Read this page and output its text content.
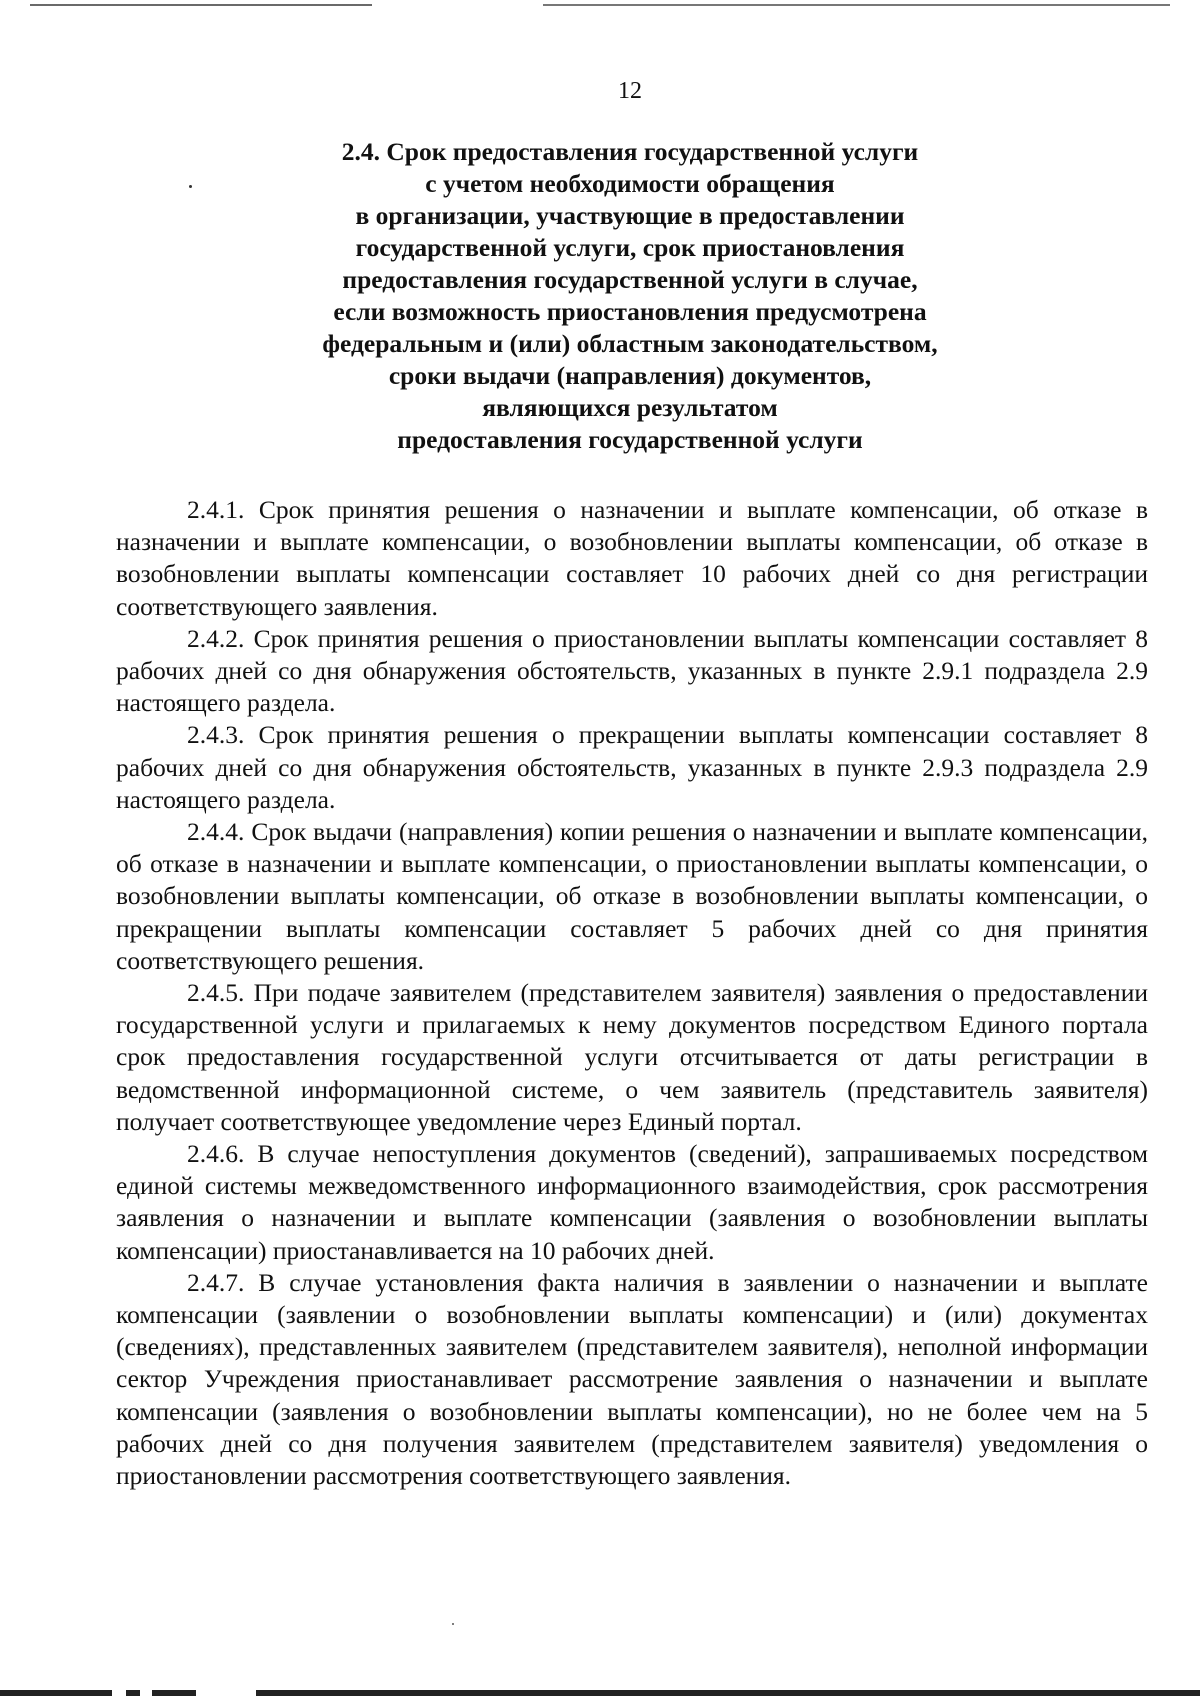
12
2.4. Срок предоставления государственной услуги
с учетом необходимости обращения
в организации, участвующие в предоставлении
государственной услуги, срок приостановления
предоставления государственной услуги в случае,
если возможность приостановления предусмотрена
федеральным и (или) областным законодательством,
сроки выдачи (направления) документов,
являющихся результатом
предоставления государственной услуги

2.4.1. Срок принятия решения о назначении и выплате компенсации, об отказе в назначении и выплате компенсации, о возобновлении выплаты компенсации, об отказе в возобновлении выплаты компенсации составляет 10 рабочих дней со дня регистрации соответствующего заявления.

2.4.2. Срок принятия решения о приостановлении выплаты компенсации составляет 8 рабочих дней со дня обнаружения обстоятельств, указанных в пункте 2.9.1 подраздела 2.9 настоящего раздела.

2.4.3. Срок принятия решения о прекращении выплаты компенсации составляет 8 рабочих дней со дня обнаружения обстоятельств, указанных в пункте 2.9.3 подраздела 2.9 настоящего раздела.

2.4.4. Срок выдачи (направления) копии решения о назначении и выплате компенсации, об отказе в назначении и выплате компенсации, о приостановлении выплаты компенсации, о возобновлении выплаты компенсации, об отказе в возобновлении выплаты компенсации, о прекращении выплаты компенсации составляет 5 рабочих дней со дня принятия соответствующего решения.

2.4.5. При подаче заявителем (представителем заявителя) заявления о предоставлении государственной услуги и прилагаемых к нему документов посредством Единого портала срок предоставления государственной услуги отсчитывается от даты регистрации в ведомственной информационной системе, о чем заявитель (представитель заявителя) получает соответствующее уведомление через Единый портал.

2.4.6. В случае непоступления документов (сведений), запрашиваемых посредством единой системы межведомственного информационного взаимодействия, срок рассмотрения заявления о назначении и выплате компенсации (заявления о возобновлении выплаты компенсации) приостанавливается на 10 рабочих дней.

2.4.7. В случае установления факта наличия в заявлении о назначении и выплате компенсации (заявлении о возобновлении выплаты компенсации) и (или) документах (сведениях), представленных заявителем (представителем заявителя), неполной информации сектор Учреждения приостанавливает рассмотрение заявления о назначении и выплате компенсации (заявления о возобновлении выплаты компенсации), но не более чем на 5 рабочих дней со дня получения заявителем (представителем заявителя) уведомления о приостановлении рассмотрения соответствующего заявления.
